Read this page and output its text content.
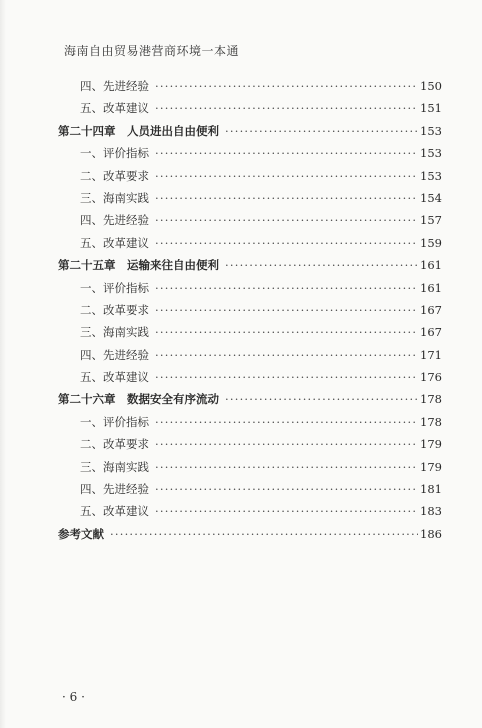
海南自由贸易港营商环境一本通
四、先进经验 ·····	150
五、改革建议 ·····	151
第二十四章　人员进出自由便利 ·····	153
一、评价指标 ·····	153
二、改革要求 ·····	153
三、海南实践 ·····	154
四、先进经验 ·····	157
五、改革建议 ·····	159
第二十五章　运输来往自由便利 ·····	161
一、评价指标 ·····	161
二、改革要求 ·····	167
三、海南实践 ·····	167
四、先进经验 ·····	171
五、改革建议 ·····	176
第二十六章　数据安全有序流动 ·····	178
一、评价指标 ·····	178
二、改革要求 ·····	179
三、海南实践 ·····	179
四、先进经验 ·····	181
五、改革建议 ·····	183
参考文献 ·····	186
· 6 ·
